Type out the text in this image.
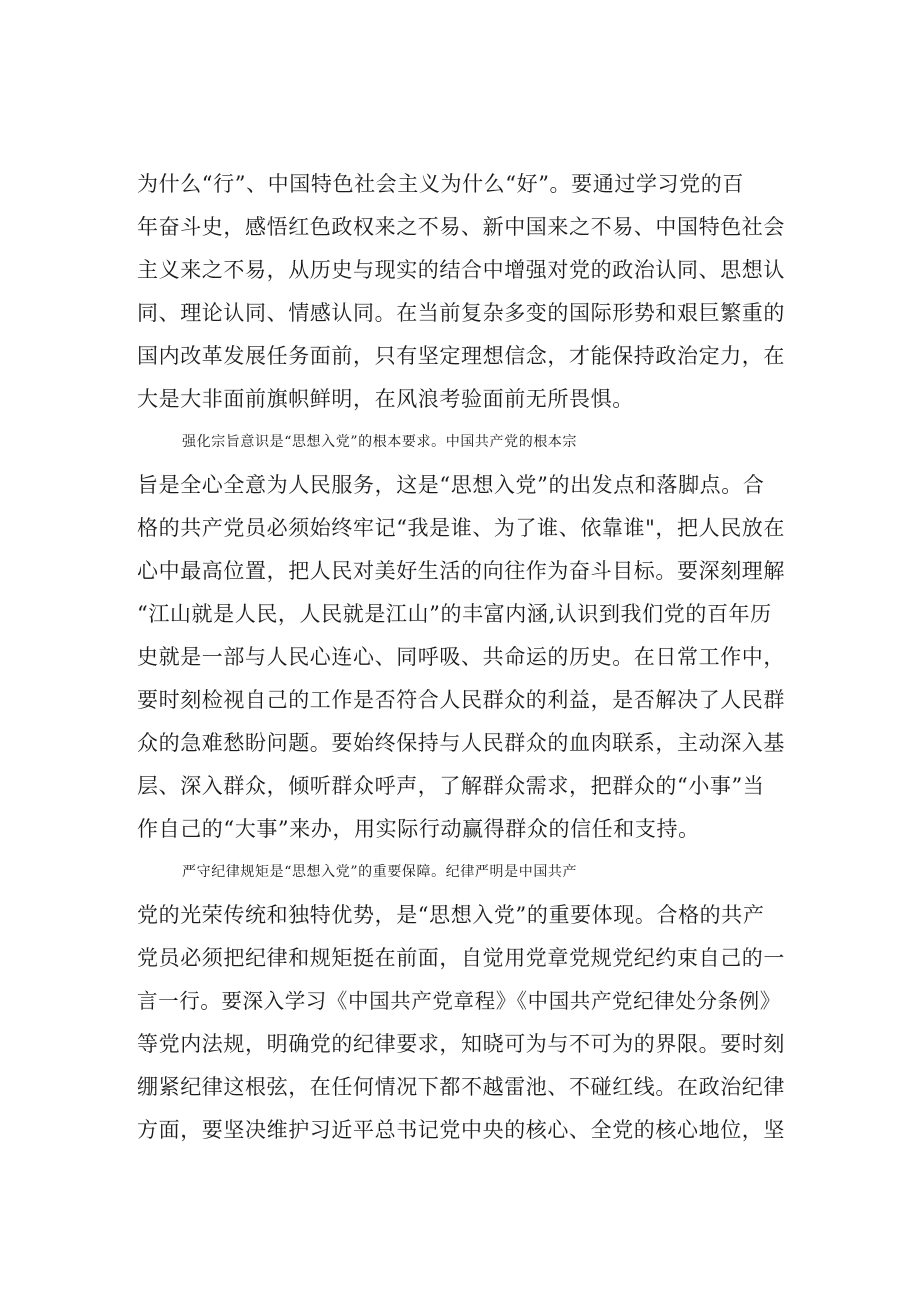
为什么“行”、中国特色社会主义为什么“好”。要通过学习党的百
年奋斗史，感悟红色政权来之不易、新中国来之不易、中国特色社会
主义来之不易，从历史与现实的结合中增强对党的政治认同、思想认
同、理论认同、情感认同。在当前复杂多变的国际形势和艰巨繁重的
国内改革发展任务面前，只有坚定理想信念，才能保持政治定力，在
大是大非面前旗帜鲜明，在风浪考验面前无所畏惧。
强化宗旨意识是“思想入党”的根本要求。中国共产党的根本宗
旨是全心全意为人民服务，这是“思想入党”的出发点和落脚点。合
格的共产党员必须始终牢记“我是谁、为了谁、依靠谁"，把人民放在
心中最高位置，把人民对美好生活的向往作为奋斗目标。要深刻理解
“江山就是人民，人民就是江山”的丰富内涵,认识到我们党的百年历
史就是一部与人民心连心、同呼吸、共命运的历史。在日常工作中，
要时刻检视自己的工作是否符合人民群众的利益，是否解决了人民群
众的急难愁盼问题。要始终保持与人民群众的血肉联系，主动深入基
层、深入群众，倾听群众呼声，了解群众需求，把群众的“小事”当
作自己的“大事”来办，用实际行动赢得群众的信任和支持。
严守纪律规矩是“思想入党”的重要保障。纪律严明是中国共产
党的光荣传统和独特优势，是“思想入党”的重要体现。合格的共产
党员必须把纪律和规矩挺在前面，自觉用党章党规党纪约束自己的一
言一行。要深入学习《中国共产党章程》《中国共产党纪律处分条例》
等党内法规，明确党的纪律要求，知晓可为与不可为的界限。要时刻
绷紧纪律这根弦，在任何情况下都不越雷池、不碰红线。在政治纪律
方面，要坚决维护习近平总书记党中央的核心、全党的核心地位，坚
